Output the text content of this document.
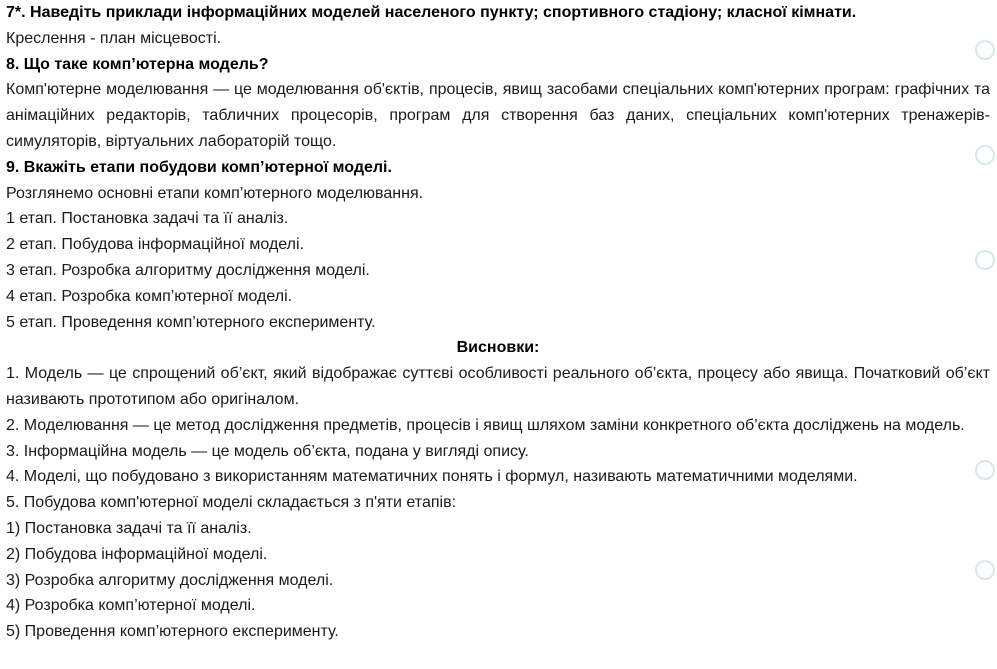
7*. Наведіть приклади інформаційних моделей населеного пункту; спортивного стадіону; класної кімнати.

Креслення - план місцевості.

8. Що таке комп’ютерна модель?

Комп'ютерне моделювання — це моделювання об'єктів, процесів, явищ засобами спеціальних комп'ютерних програм: графічних та анімаційних редакторів, табличних процесорів, програм для створення баз даних, спеціальних комп'ютерних тренажерів-симуляторів, віртуальних лабораторій тощо.

9. Вкажіть етапи побудови комп’ютерної моделі.

Розглянемо основні етапи комп’ютерного моделювання.

1 етап. Постановка задачі та її аналіз.

2 етап. Побудова інформаційної моделі.

3 етап. Розробка алгоритму дослідження моделі.

4 етап. Розробка комп’ютерної моделі.

5 етап. Проведення комп’ютерного експерименту.

Висновки:

1. Модель — це спрощений об’єкт, який відображає суттєві особливості реального об’єкта, процесу або явища. Початковий об’єкт називають прототипом або оригіналом.

2. Моделювання — це метод дослідження предметів, процесів і явищ шляхом заміни конкретного об’єкта досліджень на модель.

3. Інформаційна модель — це модель об’єкта, подана у вигляді опису.

4. Моделі, що побудовано з використанням математичних понять і формул, називають математичними моделями.

5. Побудова комп'ютерної моделі складається з п'яти етапів:

1) Постановка задачі та її аналіз.

2) Побудова інформаційної моделі.

3) Розробка алгоритму дослідження моделі.

4) Розробка комп’ютерної моделі.

5) Проведення комп’ютерного експерименту.
